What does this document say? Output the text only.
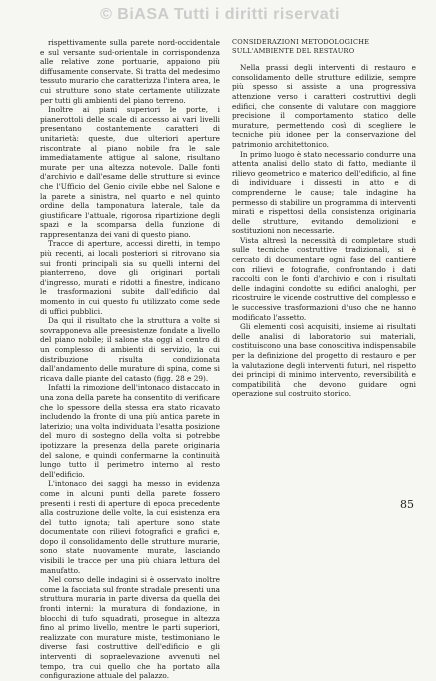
© BiASA Tutti i diritti riservati

rispettivamente sulla parete nord-occidentale e sul versante sud-orientale in corrispondenza alle relative zone portuarie, appaiono più diffusamente conservate. Si tratta del medesimo tessuto murario che caratterizza l'intera area, le cui strutture sono state certamente utilizzate per tutti gli ambienti del piano terreno.

Inoltre ai piani superiori le porte, i pianerottoli delle scale di accesso ai vari livelli presentano costantemente caratteri di unitarietà: queste, due ulteriori aperture riscontrate al piano nobile fra le sale immediatamente attigue al salone, risultano murate per una altezza notevole. Dalle fonti d'archivio e dall'esame delle strutture si evince che l'Ufficio del Genio civile ebbe nel Salone e la parete a sinistra, nel quarto e nel quinto ordine della tamponatura laterale, tale da giustificare l'attuale, rigorosa ripartizione degli spazi e la scomparsa della funzione di rappresentanza dei vani di questo piano.

Tracce di aperture, accessi diretti, in tempo più recenti, ai locali posteriori si ritrovano sia sui fronti principali sia su quelli interni del pianterreno, dove gli originari portali d'ingresso, murati e ridotti a finestre, indicano le trasformazioni subite dall'edificio dal momento in cui questo fu utilizzato come sede di uffici pubblici.

Da qui il risultato che la struttura a volte si sovrapponeva alle preesistenze fondate a livello del piano nobile; il salone sta oggi al centro di un complesso di ambienti di servizio, la cui distribuzione risulta condizionata dall'andamento delle murature di spina, come si ricava dalle piante del catasto (figg. 28 e 29).

Infatti la rimozione dell'intonaco distaccato in una zona della parete ha consentito di verificare che lo spessore della stessa era stato ricavato includendo la fronte di una più antica parete in laterizio; una volta individuata l'esatta posizione del muro di sostegno della volta si potrebbe ipotizzare la presenza della parete originaria del salone, e quindi confermarne la continuità lungo tutto il perimetro interno al resto dell'edificio.

L'intonaco dei saggi ha messo in evidenza come in alcuni punti della parete fossero presenti i resti di aperture di epoca precedente alla costruzione delle volte, la cui esistenza era del tutto ignota; tali aperture sono state documentate con rilievi fotografici e grafici e, dopo il consolidamento delle strutture murarie, sono state nuovamente murate, lasciando visibili le tracce per una più chiara lettura del manufatto.

Nel corso delle indagini si è osservato inoltre come la facciata sul fronte stradale presenti una struttura muraria in parte diversa da quella dei fronti interni: la muratura di fondazione, in blocchi di tufo squadrati, prosegue in altezza fino al primo livello, mentre le parti superiori, realizzate con murature miste, testimoniano le diverse fasi costruttive dell'edificio e gli interventi di sopraelevazione avvenuti nel tempo, tra cui quello che ha portato alla configurazione attuale del palazzo.

CONSIDERAZIONI METODOLOGICHE SULL'AMBIENTE DEL RESTAURO

Nella prassi degli interventi di restauro e consolidamento delle strutture edilizie, sempre più spesso si assiste a una progressiva attenzione verso i caratteri costruttivi degli edifici, che consente di valutare con maggiore precisione il comportamento statico delle murature, permettendo così di scegliere le tecniche più idonee per la conservazione del patrimonio architettonico.

In primo luogo è stato necessario condurre una attenta analisi dello stato di fatto, mediante il rilievo geometrico e materico dell'edificio, al fine di individuare i dissesti in atto e di comprenderne le cause; tale indagine ha permesso di stabilire un programma di interventi mirati e rispettosi della consistenza originaria delle strutture, evitando demolizioni e sostituzioni non necessarie.

Vista altresì la necessità di completare studi sulle tecniche costruttive tradizionali, si è cercato di documentare ogni fase del cantiere con rilievi e fotografie, confrontando i dati raccolti con le fonti d'archivio e con i risultati delle indagini condotte su edifici analoghi, per ricostruire le vicende costruttive del complesso e le successive trasformazioni d'uso che ne hanno modificato l'assetto.

Gli elementi così acquisiti, insieme ai risultati delle analisi di laboratorio sui materiali, costituiscono una base conoscitiva indispensabile per la definizione del progetto di restauro e per la valutazione degli interventi futuri, nel rispetto dei principi di minimo intervento, reversibilità e compatibilità che devono guidare ogni operazione sul costruito storico.

85
